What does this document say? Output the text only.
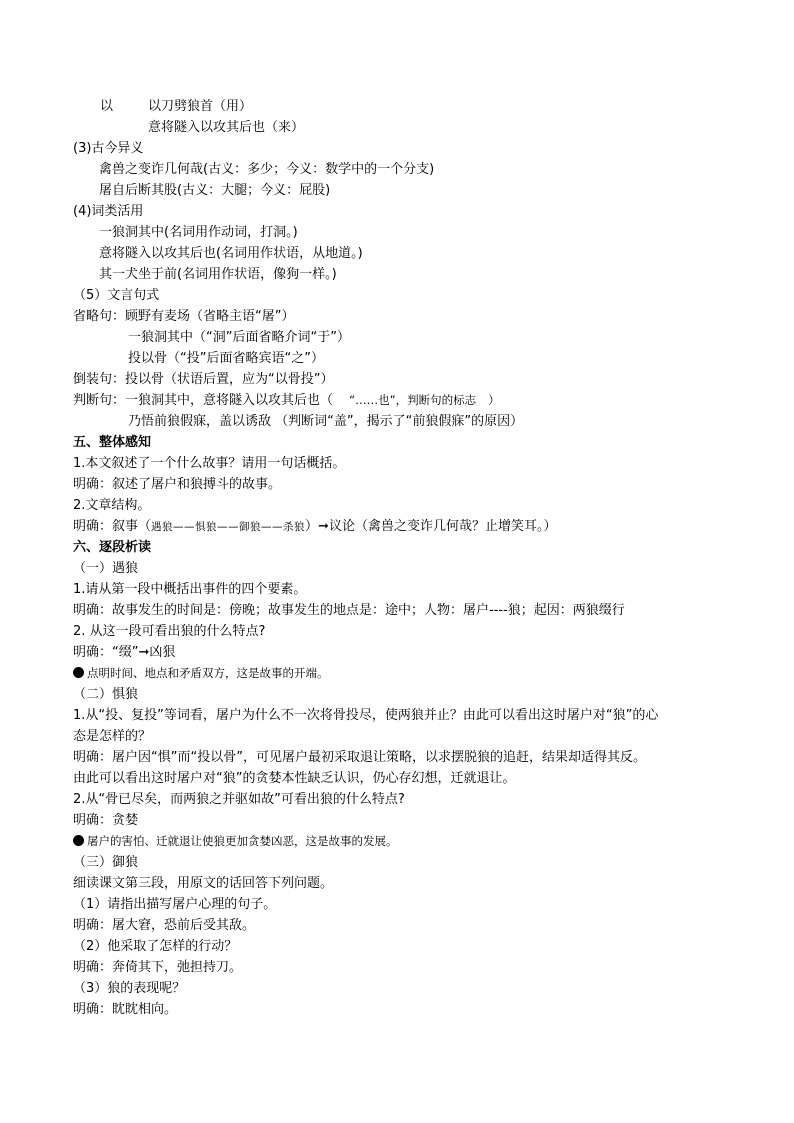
以	以刀劈狼首（用）
意将隧入以攻其后也（来）
(3)古今异义
禽兽之变诈几何哉(古义：多少；今义：数学中的一个分支)
屠自后断其股(古义：大腿；今义：屁股)
(4)词类活用
一狼洞其中(名词用作动词，打洞。)
意将隧入以攻其后也(名词用作状语，从地道。)
其一犬坐于前(名词用作状语，像狗一样。)
（5）文言句式
省略句：顾野有麦场（省略主语“屠”）
一狼洞其中（“洞”后面省略介词“于”）
投以骨（“投”后面省略宾语“之”）
倒装句：投以骨（状语后置，应为“以骨投”）
判断句：一狼洞其中，意将隧入以攻其后也（ “……也”，判断句的标志 ）
乃悟前狼假寐，盖以诱敌 （判断词“盖”，揭示了“前狼假寐”的原因）
五、整体感知
1.本文叙述了一个什么故事？请用一句话概括。
明确：叙述了屠户和狼搏斗的故事。
2.文章结构。
明确：叙事（遇狼——惧狼——御狼——杀狼）➞议论（禽兽之变诈几何哉？止增笑耳。）
六、逐段析读
（一）遇狼
1.请从第一段中概括出事件的四个要素。
明确：故事发生的时间是：傍晚；故事发生的地点是：途中；人物：屠户----狼；起因：两狼缀行
2. 从这一段可看出狼的什么特点?
明确：“缀”➞凶狠
点明时间、地点和矛盾双方，这是故事的开端。
（二）惧狼
1.从“投、复投”等词看，屠户为什么不一次将骨投尽，使两狼并止？由此可以看出这时屠户对“狼”的心
态是怎样的？
明确：屠户因“惧”而“投以骨”，可见屠户最初采取退让策略，以求摆脱狼的追赶，结果却适得其反。
由此可以看出这时屠户对“狼”的贪婪本性缺乏认识，仍心存幻想，迁就退让。
2.从“骨已尽矣，而两狼之并驱如故”可看出狼的什么特点?
明确：贪婪
屠户的害怕、迁就退让使狼更加贪婪凶恶，这是故事的发展。
（三）御狼
细读课文第三段，用原文的话回答下列问题。
（1）请指出描写屠户心理的句子。
明确：屠大窘，恐前后受其敌。
（2）他采取了怎样的行动？
明确：奔倚其下，弛担持刀。
（3）狼的表现呢？
明确：眈眈相向。
